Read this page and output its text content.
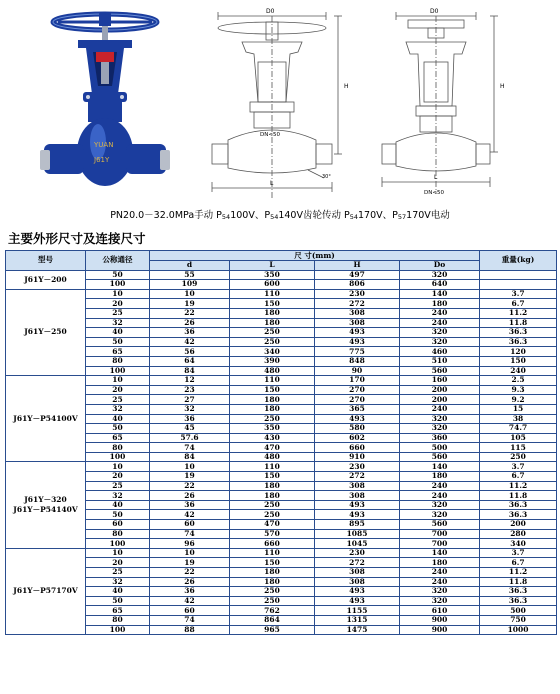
YUAN
J61Y
D0
H
DN<50
L
30°
D0
H
L
DN<50
PN20.0－32.0MPa手动 $P_{54}100V$、$P_{54}140V$齿轮传动 $P_{54}170V$、$P_{57}170V$电动
主要外形尺寸及连接尺寸
型号	公称通径	尺 寸(mm)				重量(kg)
		d	L	H	Do	
J61Y－200	50	55	350	497	320	
	100	109	600	806	640	
J61Y－250	10	10	110	230	140	3.7
	20	19	150	272	180	6.7
	25	22	180	308	240	11.2
	32	26	180	308	240	11.8
	40	36	250	493	320	36.3
	50	42	250	493	320	36.3
	65	56	340	775	460	120
	80	64	390	848	510	150
	100	84	480	90	560	240
J61Y－P54100V	10	12	110	170	160	2.5
	20	23	150	270	200	9.3
	25	27	180	270	200	9.2
	32	32	180	365	240	15
	40	36	250	493	320	38
	50	45	350	580	320	74.7
	65	57.6	430	602	360	105
	80	74	470	660	500	115
	100	84	480	910	560	250
J61Y－320
J61Y－P54140V	10	10	110	230	140	3.7
	20	19	150	272	180	6.7
	25	22	180	308	240	11.2
	32	26	180	308	240	11.8
	40	36	250	493	320	36.3
	50	42	250	493	320	36.3
	60	60	470	895	560	200
	80	74	570	1085	700	280
	100	96	660	1045	700	340
J61Y－P57170V	10	10	110	230	140	3.7
	20	19	150	272	180	6.7
	25	22	180	308	240	11.2
	32	26	180	308	240	11.8
	40	36	250	493	320	36.3
	50	42	250	493	320	36.3
	65	60	762	1155	610	500
	80	74	864	1315	900	750
	100	88	965	1475	900	1000
